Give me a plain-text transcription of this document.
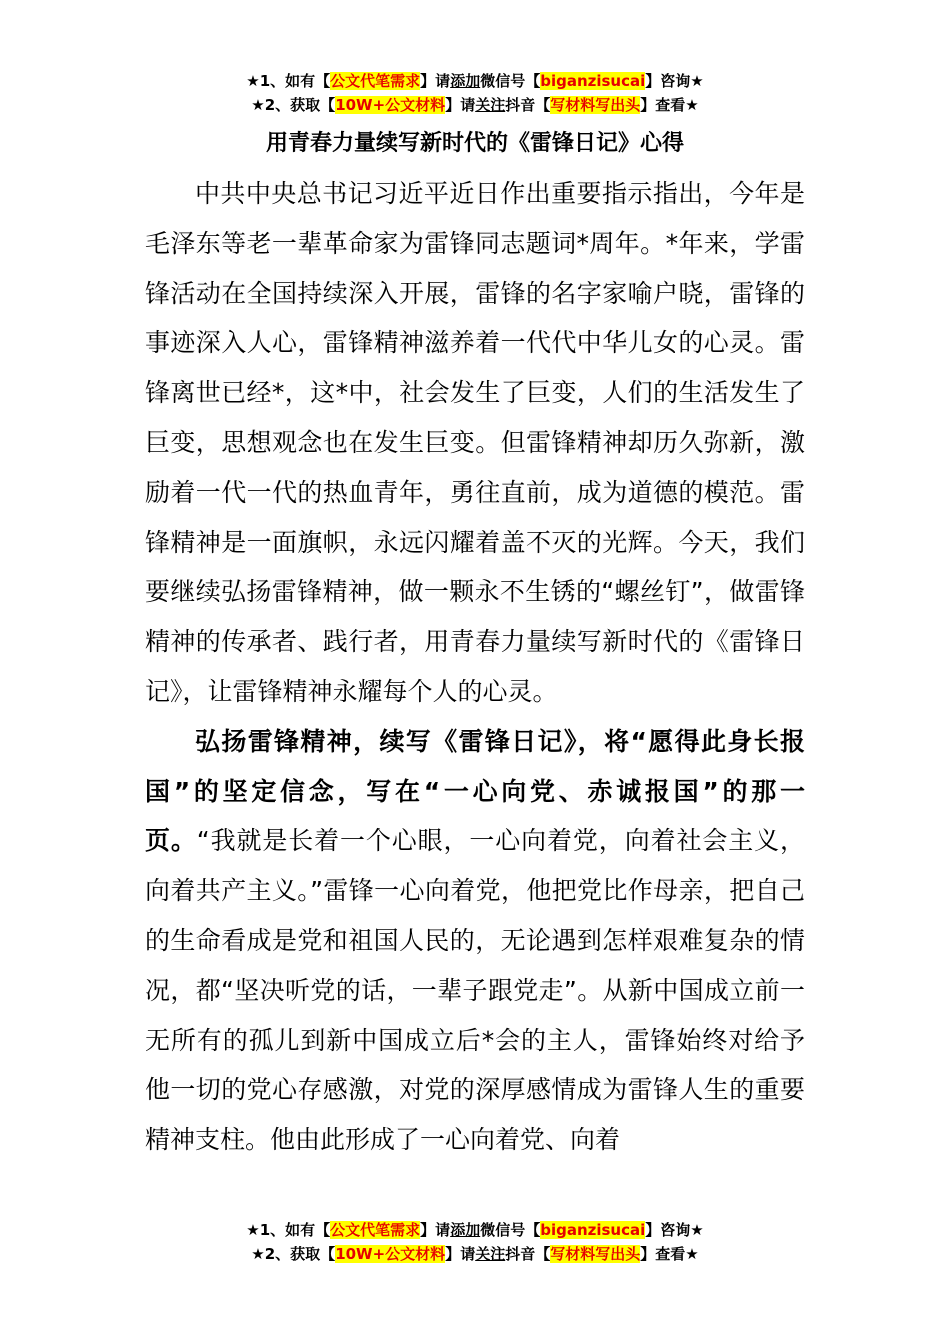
★1、如有【公文代笔需求】请添加微信号【biganzisucai】咨询★
★2、获取【10W+公文材料】请关注抖音【写材料写出头】查看★
用青春力量续写新时代的《雷锋日记》心得

中共中央总书记习近平近日作出重要指示指出，今年是毛泽东等老一辈革命家为雷锋同志题词*周年。*年来，学雷锋活动在全国持续深入开展，雷锋的名字家喻户晓，雷锋的事迹深入人心，雷锋精神滋养着一代代中华儿女的心灵。雷锋离世已经*，这*中，社会发生了巨变，人们的生活发生了巨变，思想观念也在发生巨变。但雷锋精神却历久弥新，激励着一代一代的热血青年，勇往直前，成为道德的模范。雷锋精神是一面旗帜，永远闪耀着盖不灭的光辉。今天，我们要继续弘扬雷锋精神，做一颗永不生锈的“螺丝钉”，做雷锋精神的传承者、践行者，用青春力量续写新时代的《雷锋日记》，让雷锋精神永耀每个人的心灵。

弘扬雷锋精神，续写《雷锋日记》，将“愿得此身长报国”的坚定信念，写在“一心向党、赤诚报国”的那一页。“我就是长着一个心眼，一心向着党，向着社会主义，向着共产主义。”雷锋一心向着党，他把党比作母亲，把自己的生命看成是党和祖国人民的，无论遇到怎样艰难复杂的情况，都“坚决听党的话，一辈子跟党走”。从新中国成立前一无所有的孤儿到新中国成立后*会的主人，雷锋始终对给予他一切的党心存感激，对党的深厚感情成为雷锋人生的重要精神支柱。他由此形成了一心向着党、向着

★1、如有【公文代笔需求】请添加微信号【biganzisucai】咨询★
★2、获取【10W+公文材料】请关注抖音【写材料写出头】查看★
